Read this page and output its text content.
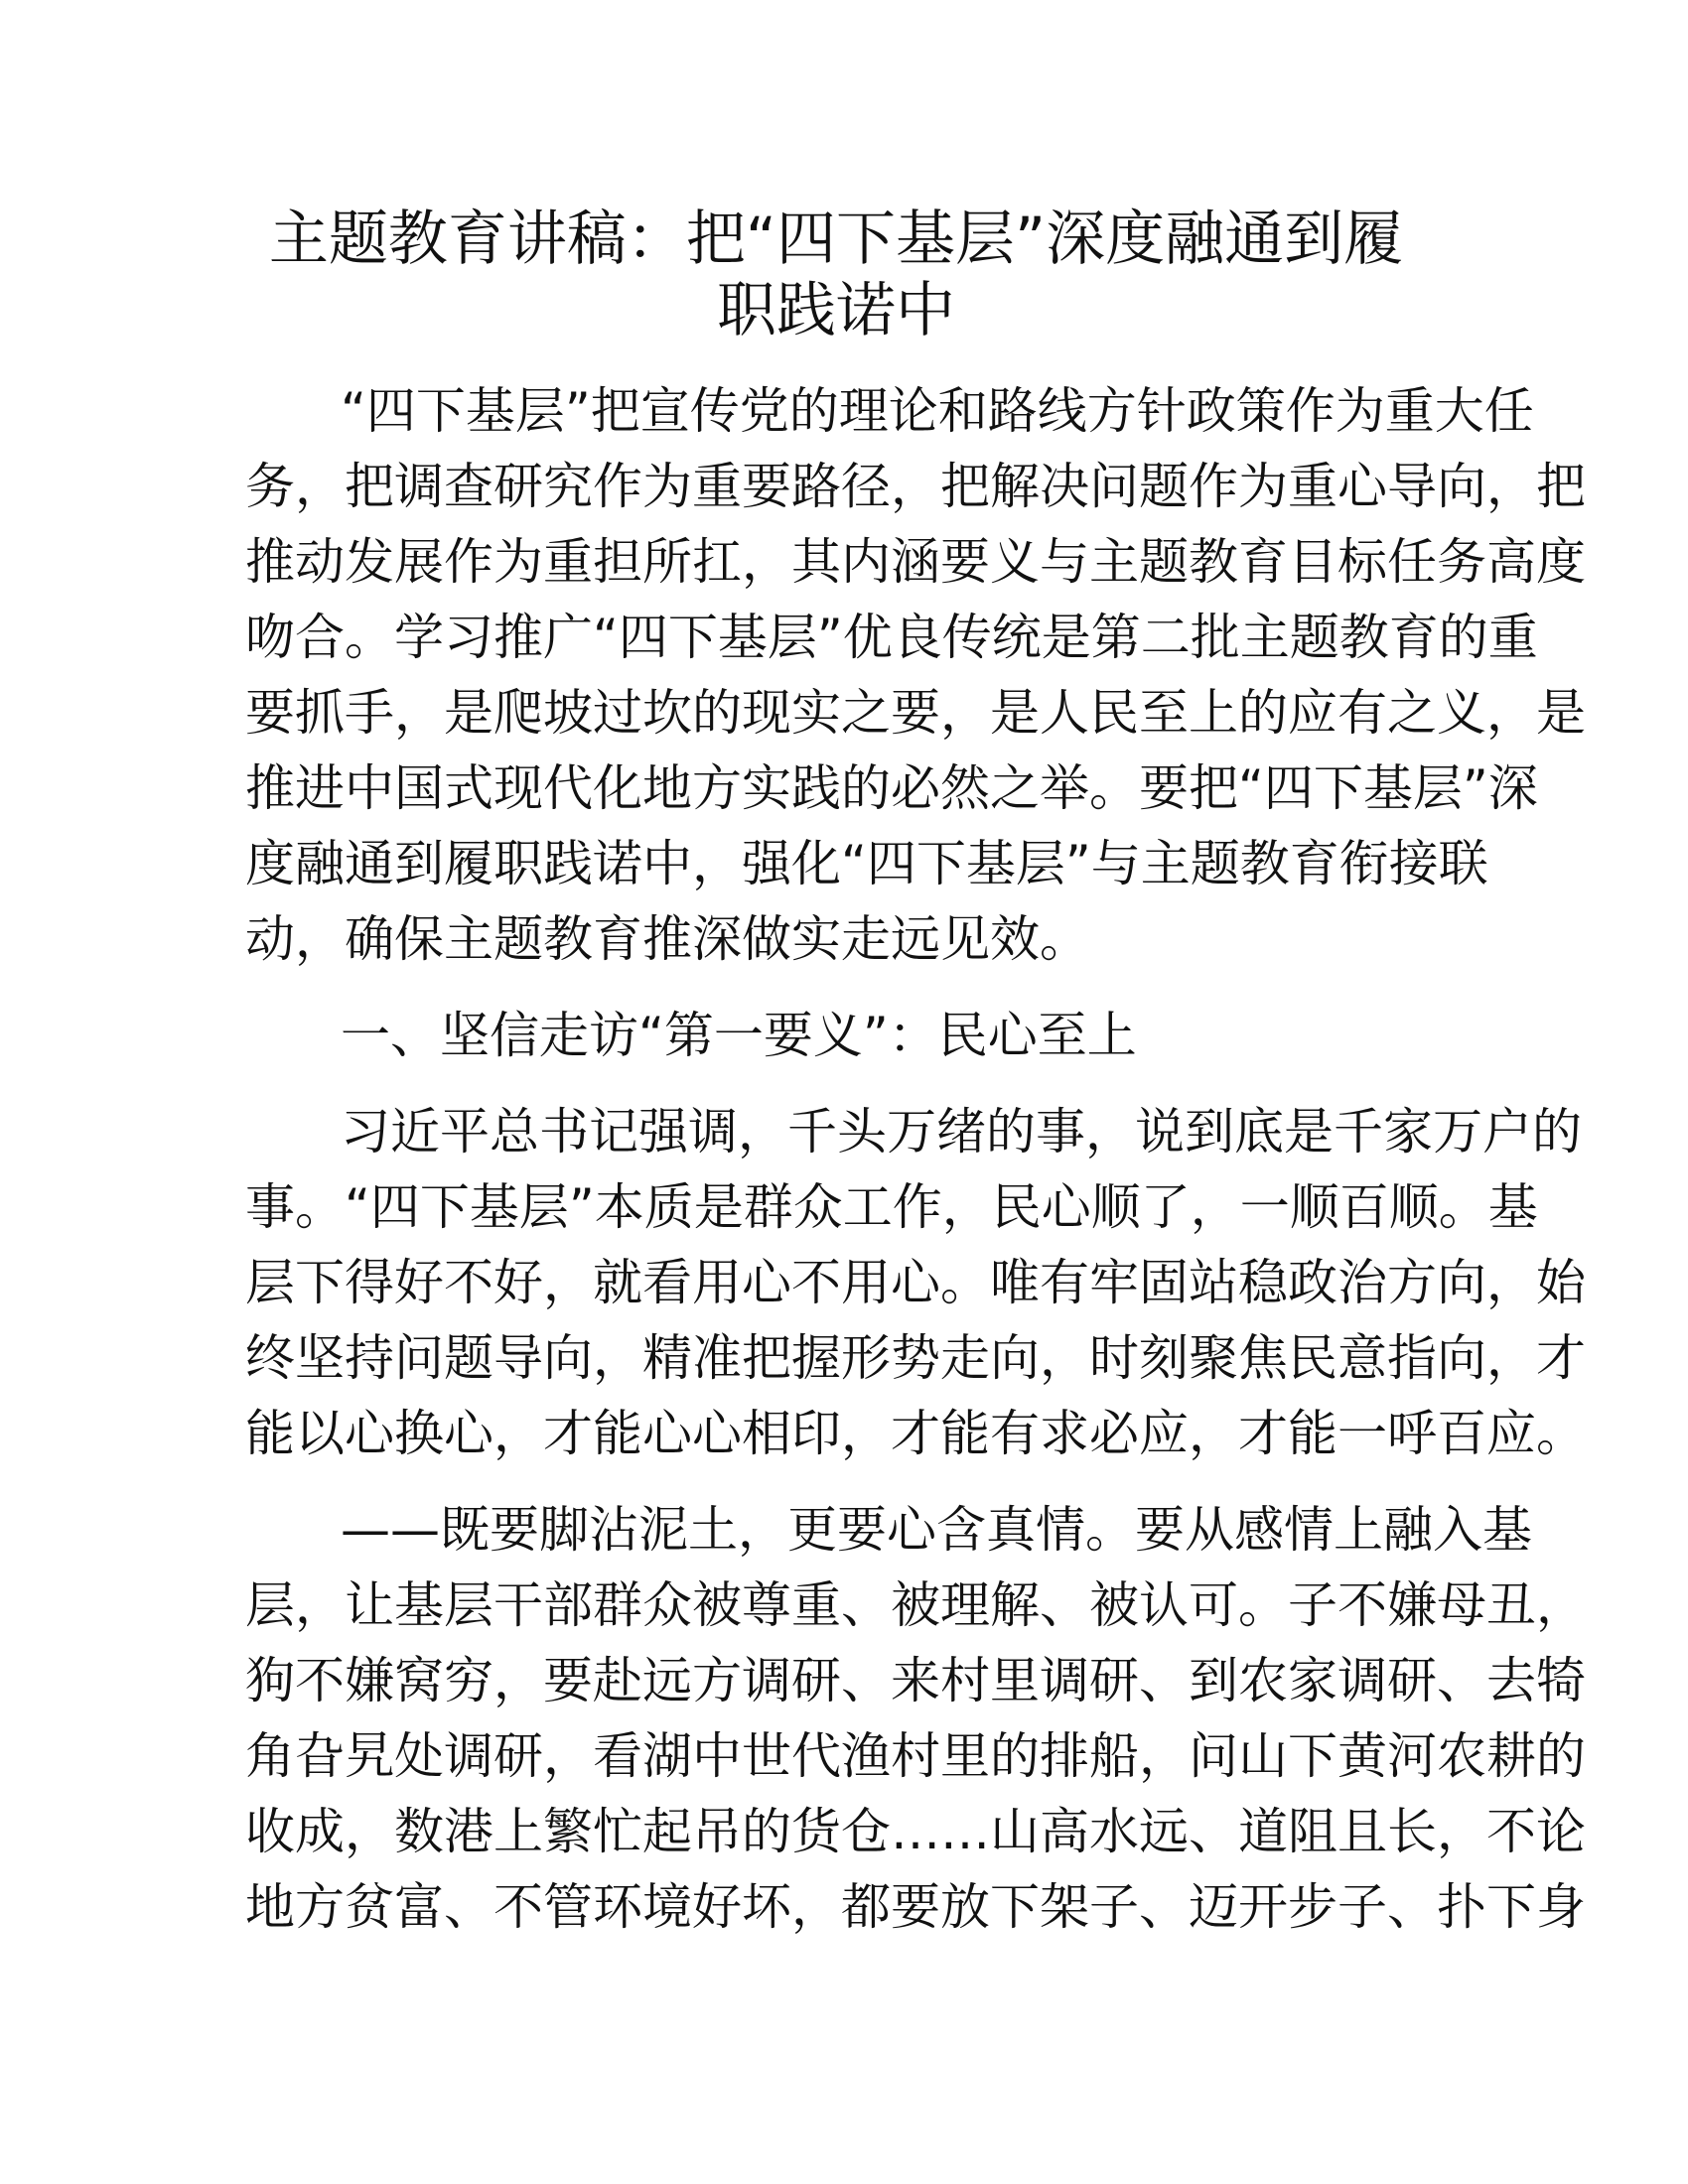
主题教育讲稿：把“四下基层”深度融通到履
职践诺中
“四下基层”把宣传党的理论和路线方针政策作为重大任
务，把调查研究作为重要路径，把解决问题作为重心导向，把
推动发展作为重担所扛，其内涵要义与主题教育目标任务高度
吻合。学习推广“四下基层”优良传统是第二批主题教育的重
要抓手，是爬坡过坎的现实之要，是人民至上的应有之义，是
推进中国式现代化地方实践的必然之举。要把“四下基层”深
度融通到履职践诺中，强化“四下基层”与主题教育衔接联
动，确保主题教育推深做实走远见效。
一、坚信走访“第一要义”：民心至上
习近平总书记强调，千头万绪的事，说到底是千家万户的
事。“四下基层”本质是群众工作，民心顺了，一顺百顺。基
层下得好不好，就看用心不用心。唯有牢固站稳政治方向，始
终坚持问题导向，精准把握形势走向，时刻聚焦民意指向，才
能以心换心，才能心心相印，才能有求必应，才能一呼百应。
——既要脚沾泥土，更要心含真情。要从感情上融入基
层，让基层干部群众被尊重、被理解、被认可。子不嫌母丑，
狗不嫌窝穷，要赴远方调研、来村里调研、到农家调研、去犄
角旮旯处调研，看湖中世代渔村里的排船，问山下黄河农耕的
收成，数港上繁忙起吊的货仓……山高水远、道阻且长，不论
地方贫富、不管环境好坏，都要放下架子、迈开步子、扑下身
